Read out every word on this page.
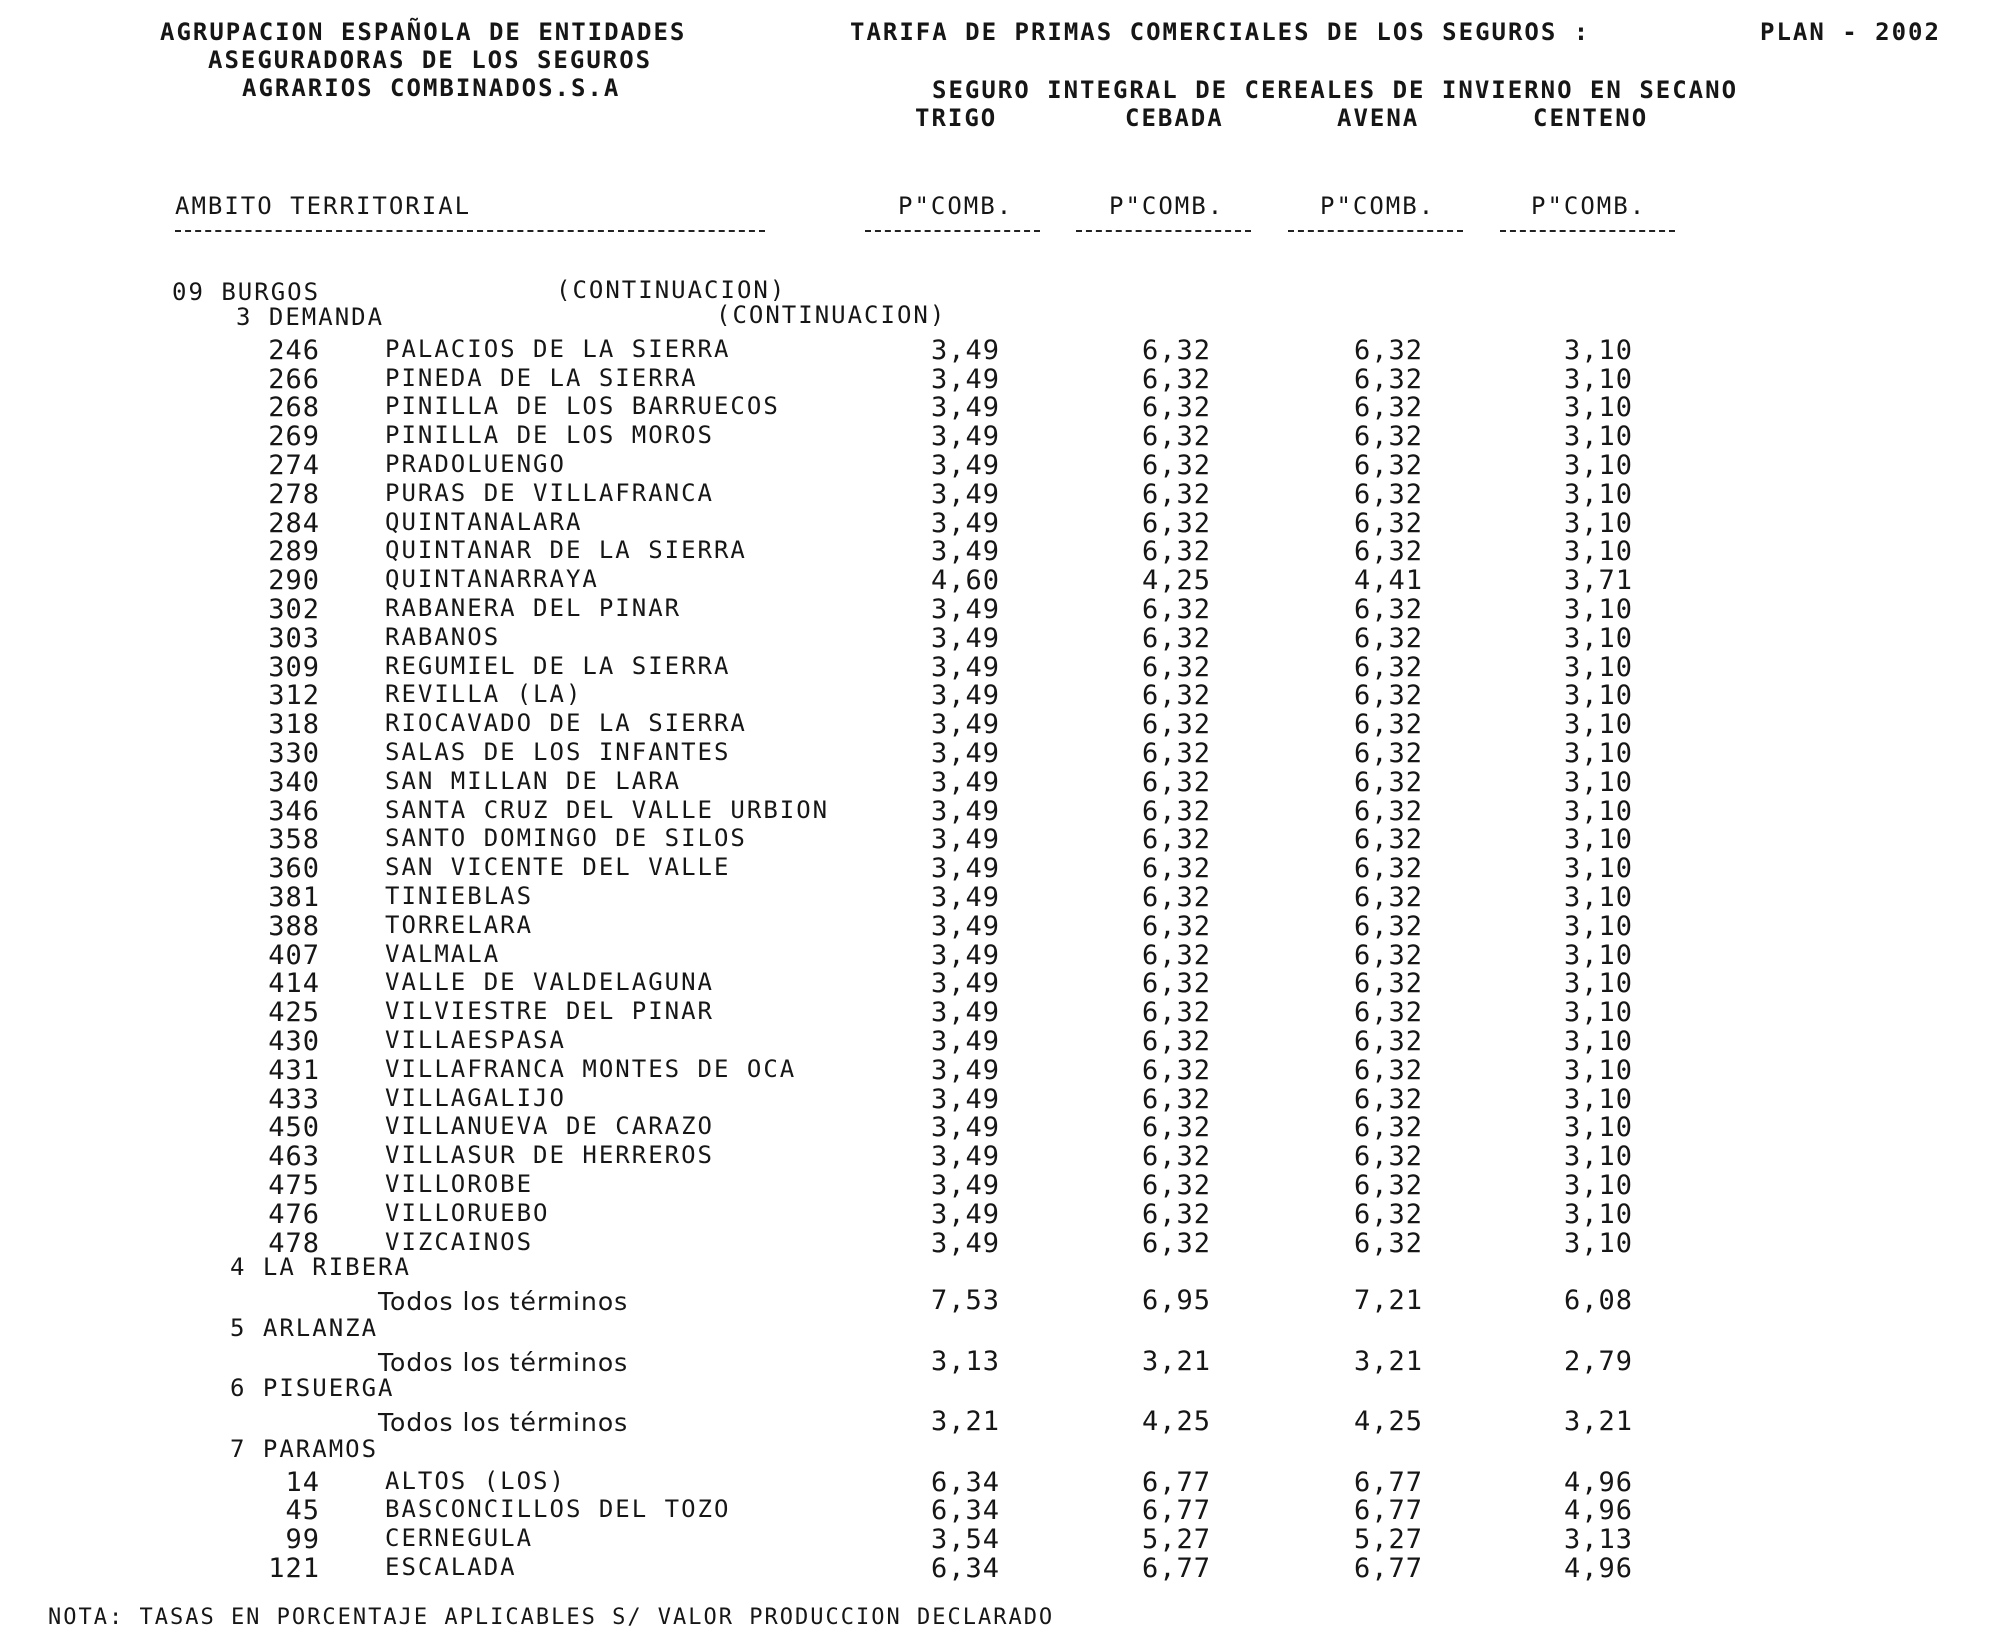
AGRUPACION ESPAÑOLA DE ENTIDADES
ASEGURADORAS DE LOS SEGUROS
AGRARIOS COMBINADOS.S.A
TARIFA DE PRIMAS COMERCIALES DE LOS SEGUROS :	PLAN - 2002
SEGURO INTEGRAL DE CEREALES DE INVIERNO EN SECANO
TRIGO	CEBADA	AVENA	CENTENO
AMBITO TERRITORIAL	P"COMB.	P"COMB.	P"COMB.	P"COMB.
09 BURGOS	(CONTINUACION)
3 DEMANDA	(CONTINUACION)
246	PALACIOS DE LA SIERRA	3,49	6,32	6,32	3,10
266	PINEDA DE LA SIERRA	3,49	6,32	6,32	3,10
268	PINILLA DE LOS BARRUECOS	3,49	6,32	6,32	3,10
269	PINILLA DE LOS MOROS	3,49	6,32	6,32	3,10
274	PRADOLUENGO	3,49	6,32	6,32	3,10
278	PURAS DE VILLAFRANCA	3,49	6,32	6,32	3,10
284	QUINTANALARA	3,49	6,32	6,32	3,10
289	QUINTANAR DE LA SIERRA	3,49	6,32	6,32	3,10
290	QUINTANARRAYA	4,60	4,25	4,41	3,71
302	RABANERA DEL PINAR	3,49	6,32	6,32	3,10
303	RABANOS	3,49	6,32	6,32	3,10
309	REGUMIEL DE LA SIERRA	3,49	6,32	6,32	3,10
312	REVILLA (LA)	3,49	6,32	6,32	3,10
318	RIOCAVADO DE LA SIERRA	3,49	6,32	6,32	3,10
330	SALAS DE LOS INFANTES	3,49	6,32	6,32	3,10
340	SAN MILLAN DE LARA	3,49	6,32	6,32	3,10
346	SANTA CRUZ DEL VALLE URBION	3,49	6,32	6,32	3,10
358	SANTO DOMINGO DE SILOS	3,49	6,32	6,32	3,10
360	SAN VICENTE DEL VALLE	3,49	6,32	6,32	3,10
381	TINIEBLAS	3,49	6,32	6,32	3,10
388	TORRELARA	3,49	6,32	6,32	3,10
407	VALMALA	3,49	6,32	6,32	3,10
414	VALLE DE VALDELAGUNA	3,49	6,32	6,32	3,10
425	VILVIESTRE DEL PINAR	3,49	6,32	6,32	3,10
430	VILLAESPASA	3,49	6,32	6,32	3,10
431	VILLAFRANCA MONTES DE OCA	3,49	6,32	6,32	3,10
433	VILLAGALIJO	3,49	6,32	6,32	3,10
450	VILLANUEVA DE CARAZO	3,49	6,32	6,32	3,10
463	VILLASUR DE HERREROS	3,49	6,32	6,32	3,10
475	VILLOROBE	3,49	6,32	6,32	3,10
476	VILLORUEBO	3,49	6,32	6,32	3,10
478	VIZCAINOS	3,49	6,32	6,32	3,10
4 LA RIBERA
Todos los términos	7,53	6,95	7,21	6,08
5 ARLANZA
Todos los términos	3,13	3,21	3,21	2,79
6 PISUERGA
Todos los términos	3,21	4,25	4,25	3,21
7 PARAMOS
14	ALTOS (LOS)	6,34	6,77	6,77	4,96
45	BASCONCILLOS DEL TOZO	6,34	6,77	6,77	4,96
99	CERNEGULA	3,54	5,27	5,27	3,13
121	ESCALADA	6,34	6,77	6,77	4,96
NOTA: TASAS EN PORCENTAJE APLICABLES S/ VALOR PRODUCCION DECLARADO
